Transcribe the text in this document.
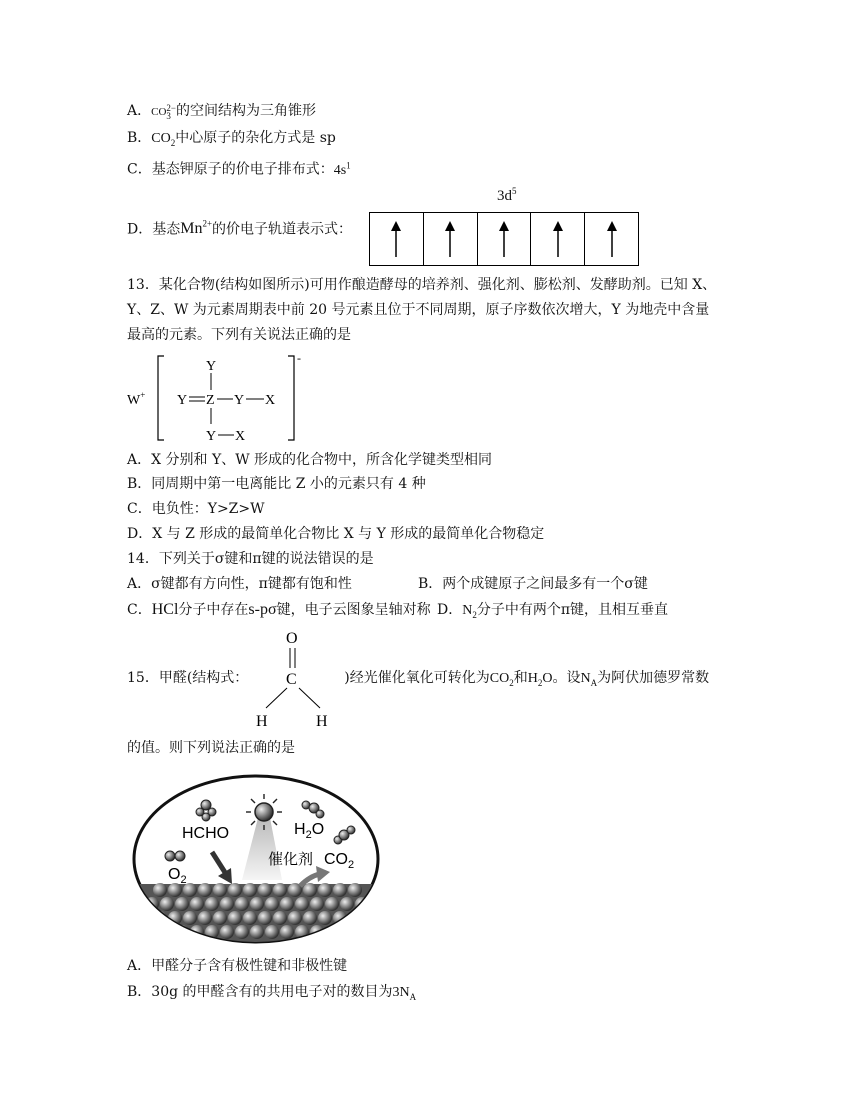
A．CO 2−
3 的空间结构为三角锥形
B．$CO_2$中心原子的杂化方式是 sp
C．基态钾原子的价电子排布式：$4s^1$
D．基态$Mn^{2+}$的价电子轨道表示式：
$3d^5$
13．某化合物(结构如图所示)可用作酿造酵母的培养剂、强化剂、膨松剂、发酵助剂。已知 X、
Y、Z、W 为元素周期表中前 20 号元素且位于不同周期，原子序数依次增大，Y 为地壳中含量
最高的元素。下列有关说法正确的是
W+
-
Y
Y Z Y X
Y X
A．X 分别和 Y、W 形成的化合物中，所含化学键类型相同
B．同周期中第一电离能比 Z 小的元素只有 4 种
C．电负性：Y>Z>W
D．X 与 Z 形成的最简单化合物比 X 与 Y 形成的最简单化合物稳定
14．下列关于σ键和π键的说法错误的是
A．σ键都有方向性，π键都有饱和性	B．两个成键原子之间最多有一个σ键
C．HCl分子中存在s-pσ键，电子云图象呈轴对称 D．$N_2$分子中有两个π键，且相互垂直
15．甲醛(结构式：	)经光催化氧化可转化为$CO_2$和$H_2O$。设$N_A$为阿伏加德罗常数
O
C
H	H
的值。则下列说法正确的是
HCHO	$H_2O$
$O_2$
催化剂 $CO_2$
A．甲醛分子含有极性键和非极性键
B．30g 的甲醛含有的共用电子对的数目为$3N_A$
